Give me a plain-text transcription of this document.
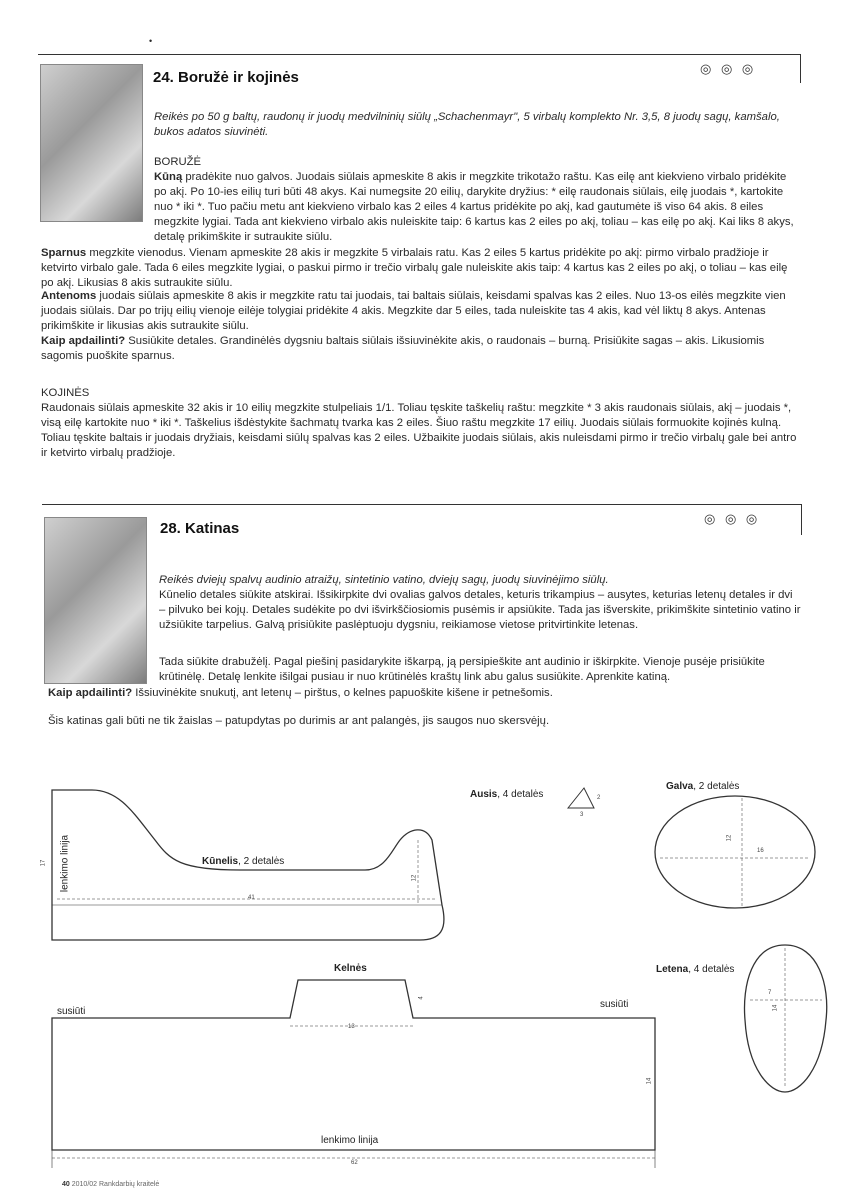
•
24. Boružė ir kojinės
◎ ◎ ◎
Reikės po 50 g baltų, raudonų ir juodų medvilninių siūlų „Schachenmayr", 5 virbalų komplekto Nr. 3,5, 8 juodų sagų, kamšalo, bukos adatos siuvinėti.
BORUŽĖ

Kūną pradėkite nuo galvos. Juodais siūlais apmeskite 8 akis ir megzkite trikotažo raštu. Kas eilę ant kiekvieno virbalo pridėkite po akį. Po 10-ies eilių turi būti 48 akys. Kai numegsite 20 eilių, darykite dryžius: * eilę raudonais siūlais, eilę juodais *, kartokite nuo * iki *. Tuo pačiu metu ant kiekvieno virbalo kas 2 eiles 4 kartus pridėkite po akį, kad gautumėte iš viso 64 akis. 8 eiles megzkite lygiai. Tada ant kiekvieno virbalo akis nuleiskite taip: 6 kartus kas 2 eiles po akį, toliau – kas eilę po akį. Kai liks 8 akys, detalę prikimškite ir sutraukite siūlu.

Sparnus megzkite vienodus. Vienam apmeskite 28 akis ir megzkite 5 virbalais ratu. Kas 2 eiles 5 kartus pridėkite po akį: pirmo virbalo pradžioje ir ketvirto virbalo gale. Tada 6 eiles megzkite lygiai, o paskui pirmo ir trečio virbalų gale nuleiskite akis taip: 4 kartus kas 2 eiles po akį, o toliau – kas eilę po akį. Likusias 8 akis sutraukite siūlu.

Antenoms juodais siūlais apmeskite 8 akis ir megzkite ratu tai juodais, tai baltais siūlais, keisdami spalvas kas 2 eiles. Nuo 13-os eilės megzkite vien juodais siūlais. Dar po trijų eilių vienoje eilėje tolygiai pridėkite 4 akis. Megzkite dar 5 eiles, tada nuleiskite tas 4 akis, kad vėl liktų 8 akys. Antenas prikimškite ir likusias akis sutraukite siūlu.

Kaip apdailinti? Susiūkite detales. Grandinėlės dygsniu baltais siūlais išsiuvinėkite akis, o raudonais – burną. Prisiūkite sagas – akis. Likusiomis sagomis puoškite sparnus.

KOJINĖS

Raudonais siūlais apmeskite 32 akis ir 10 eilių megzkite stulpeliais 1/1. Toliau tęskite taškelių raštu: megzkite * 3 akis raudonais siūlais, akį – juodais *, visą eilę kartokite nuo * iki *. Taškelius išdėstykite šachmatų tvarka kas 2 eiles. Šiuo raštu megzkite 17 eilių. Juodais siūlais formuokite kojinės kulną. Toliau tęskite baltais ir juodais dryžiais, keisdami siūlų spalvas kas 2 eiles. Užbaikite juodais siūlais, akis nuleisdami pirmo ir trečio virbalų gale bei antro ir ketvirto virbalų pradžioje.

28. Katinas
◎ ◎ ◎
Reikės dviejų spalvų audinio atraižų, sintetinio vatino, dviejų sagų, juodų siuvinėjimo siūlų.

Kūnelio detales siūkite atskirai. Išsikirpkite dvi ovalias galvos detales, keturis trikampius – ausytes, keturias letenų detales ir dvi – pilvuko bei kojų. Detales sudėkite po dvi išvirkščiosiomis pusėmis ir apsiūkite. Tada jas išverskite, prikimškite sintetinio vatino ir užsiūkite tarpelius. Galvą prisiūkite paslėptuoju dygsniu, reikiamose vietose pritvirtinkite letenas.

Tada siūkite drabužėlį. Pagal piešinį pasidarykite iškarpą, ją persipieškite ant audinio ir iškirpkite. Vienoje pusėje prisiūkite krūtinėlę. Detalę lenkite išilgai pusiau ir nuo krūtinėlės kraštų link abu galus susiūkite. Aprenkite katiną.

Kaip apdailinti? Išsiuvinėkite snukutį, ant letenų – pirštus, o kelnes papuoškite kišene ir petnešomis.

Šis katinas gali būti ne tik žaislas – patupdytas po durimis ar ant palangės, jis saugos nuo skersvėjų.

Kūnelis, 2 detalės
lenkimo linija
41
12
17
Ausis, 4 detalės
3
2
Galva, 2 detalės
16
12
Kelnės
4
13
susiūti
susiūti
14
lenkimo linija
62
Letena, 4 detalės
7
14
40 2010/02 Rankdarbių kraitelė
